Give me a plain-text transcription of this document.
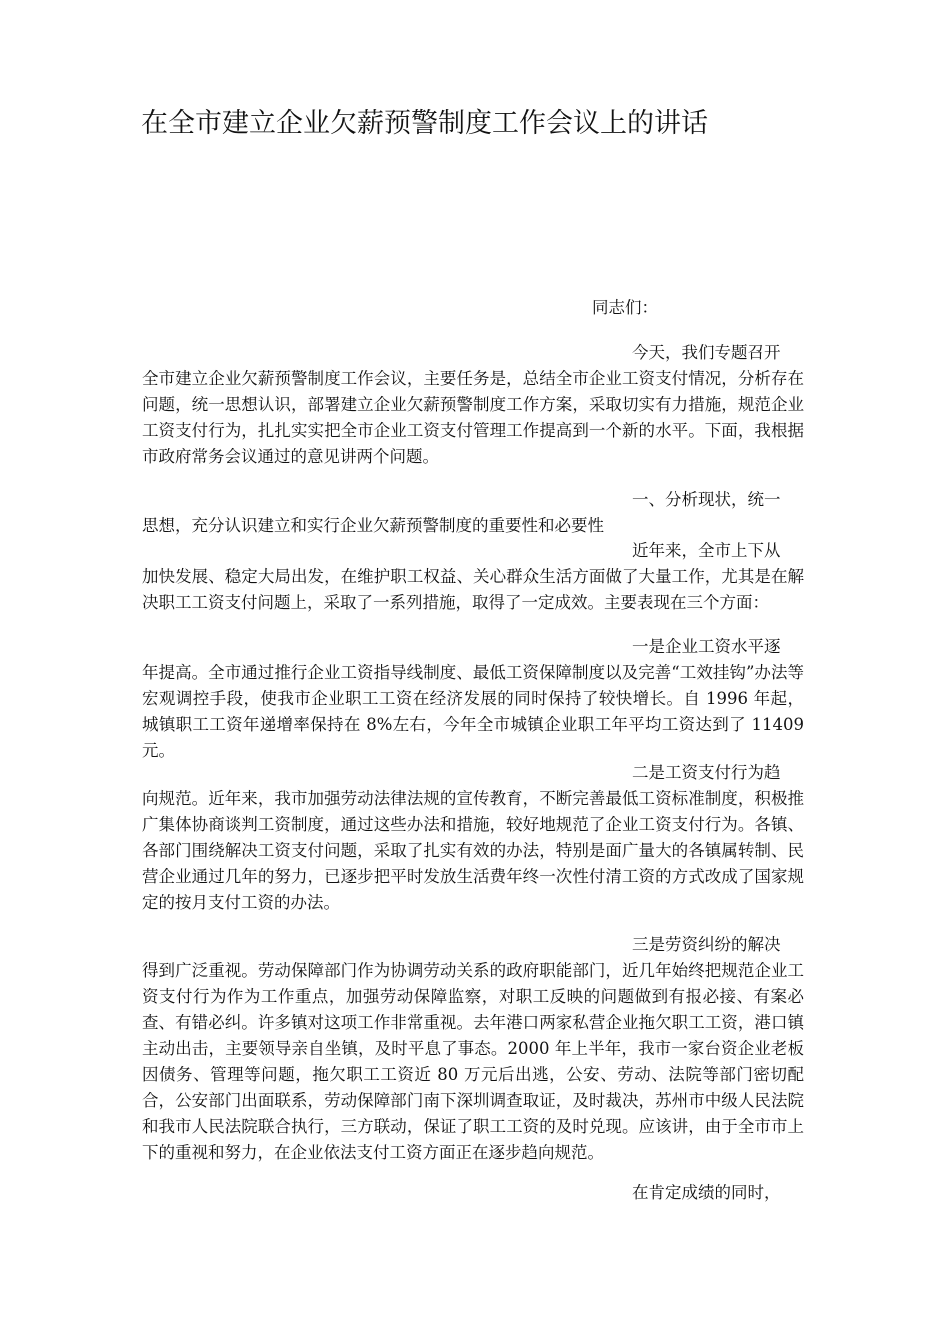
在全市建立企业欠薪预警制度工作会议上的讲话
同志们：
今天，我们专题召开
全市建立企业欠薪预警制度工作会议，主要任务是，总结全市企业工资支付情况，分析存在问题，统一思想认识，部署建立企业欠薪预警制度工作方案，采取切实有力措施，规范企业工资支付行为，扎扎实实把全市企业工资支付管理工作提高到一个新的水平。下面，我根据市政府常务会议通过的意见讲两个问题。
一、分析现状，统一
思想，充分认识建立和实行企业欠薪预警制度的重要性和必要性
近年来，全市上下从
加快发展、稳定大局出发，在维护职工权益、关心群众生活方面做了大量工作，尤其是在解决职工工资支付问题上，采取了一系列措施，取得了一定成效。主要表现在三个方面：
一是企业工资水平逐
年提高。全市通过推行企业工资指导线制度、最低工资保障制度以及完善“工效挂钩”办法等宏观调控手段，使我市企业职工工资在经济发展的同时保持了较快增长。自 1996 年起，城镇职工工资年递增率保持在 8%左右，今年全市城镇企业职工年平均工资达到了 11409 元。
二是工资支付行为趋
向规范。近年来，我市加强劳动法律法规的宣传教育，不断完善最低工资标准制度，积极推广集体协商谈判工资制度，通过这些办法和措施，较好地规范了企业工资支付行为。各镇、各部门围绕解决工资支付问题，采取了扎实有效的办法，特别是面广量大的各镇属转制、民营企业通过几年的努力，已逐步把平时发放生活费年终一次性付清工资的方式改成了国家规定的按月支付工资的办法。
三是劳资纠纷的解决
得到广泛重视。劳动保障部门作为协调劳动关系的政府职能部门，近几年始终把规范企业工资支付行为作为工作重点，加强劳动保障监察，对职工反映的问题做到有报必接、有案必查、有错必纠。许多镇对这项工作非常重视。去年港口两家私营企业拖欠职工工资，港口镇主动出击，主要领导亲自坐镇，及时平息了事态。2000 年上半年，我市一家台资企业老板因债务、管理等问题，拖欠职工工资近 80 万元后出逃，公安、劳动、法院等部门密切配合，公安部门出面联系，劳动保障部门南下深圳调查取证，及时裁决，苏州市中级人民法院和我市人民法院联合执行，三方联动，保证了职工工资的及时兑现。应该讲，由于全市市上下的重视和努力，在企业依法支付工资方面正在逐步趋向规范。
在肯定成绩的同时，
